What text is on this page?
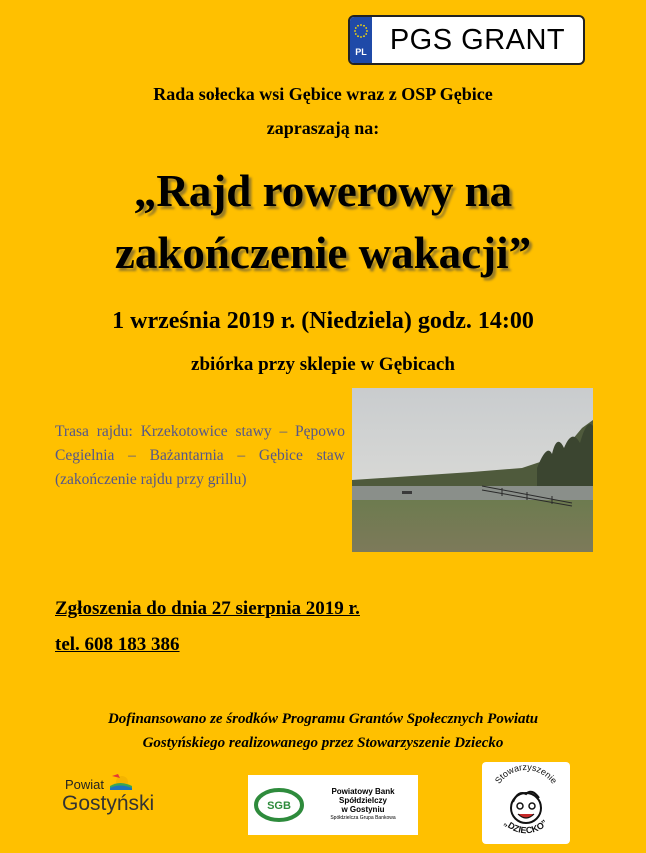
PL PGS GRANT
Rada sołecka wsi Gębice wraz z OSP Gębice
zapraszają na:
„Rajd rowerowy na
zakończenie wakacji”
1 września 2019 r. (Niedziela) godz. 14:00
zbiórka przy sklepie w Gębicach
Trasa rajdu: Krzekotowice stawy – Pępowo Cegielnia – Bażantarnia – Gębice staw (zakończenie rajdu przy grillu)
Zgłoszenia do dnia 27 sierpnia 2019 r.
tel. 608 183 386
Dofinansowano ze środków Programu Grantów Społecznych Powiatu
Gostyńskiego realizowanego przez Stowarzyszenie Dziecko
Powiat
Gostyński	SGB
Powiatowy Bank Spółdzielczy
w Gostyniu
Spółdzielcza Grupa Bankowa
Stowarzyszenie
„DZIECKO”
